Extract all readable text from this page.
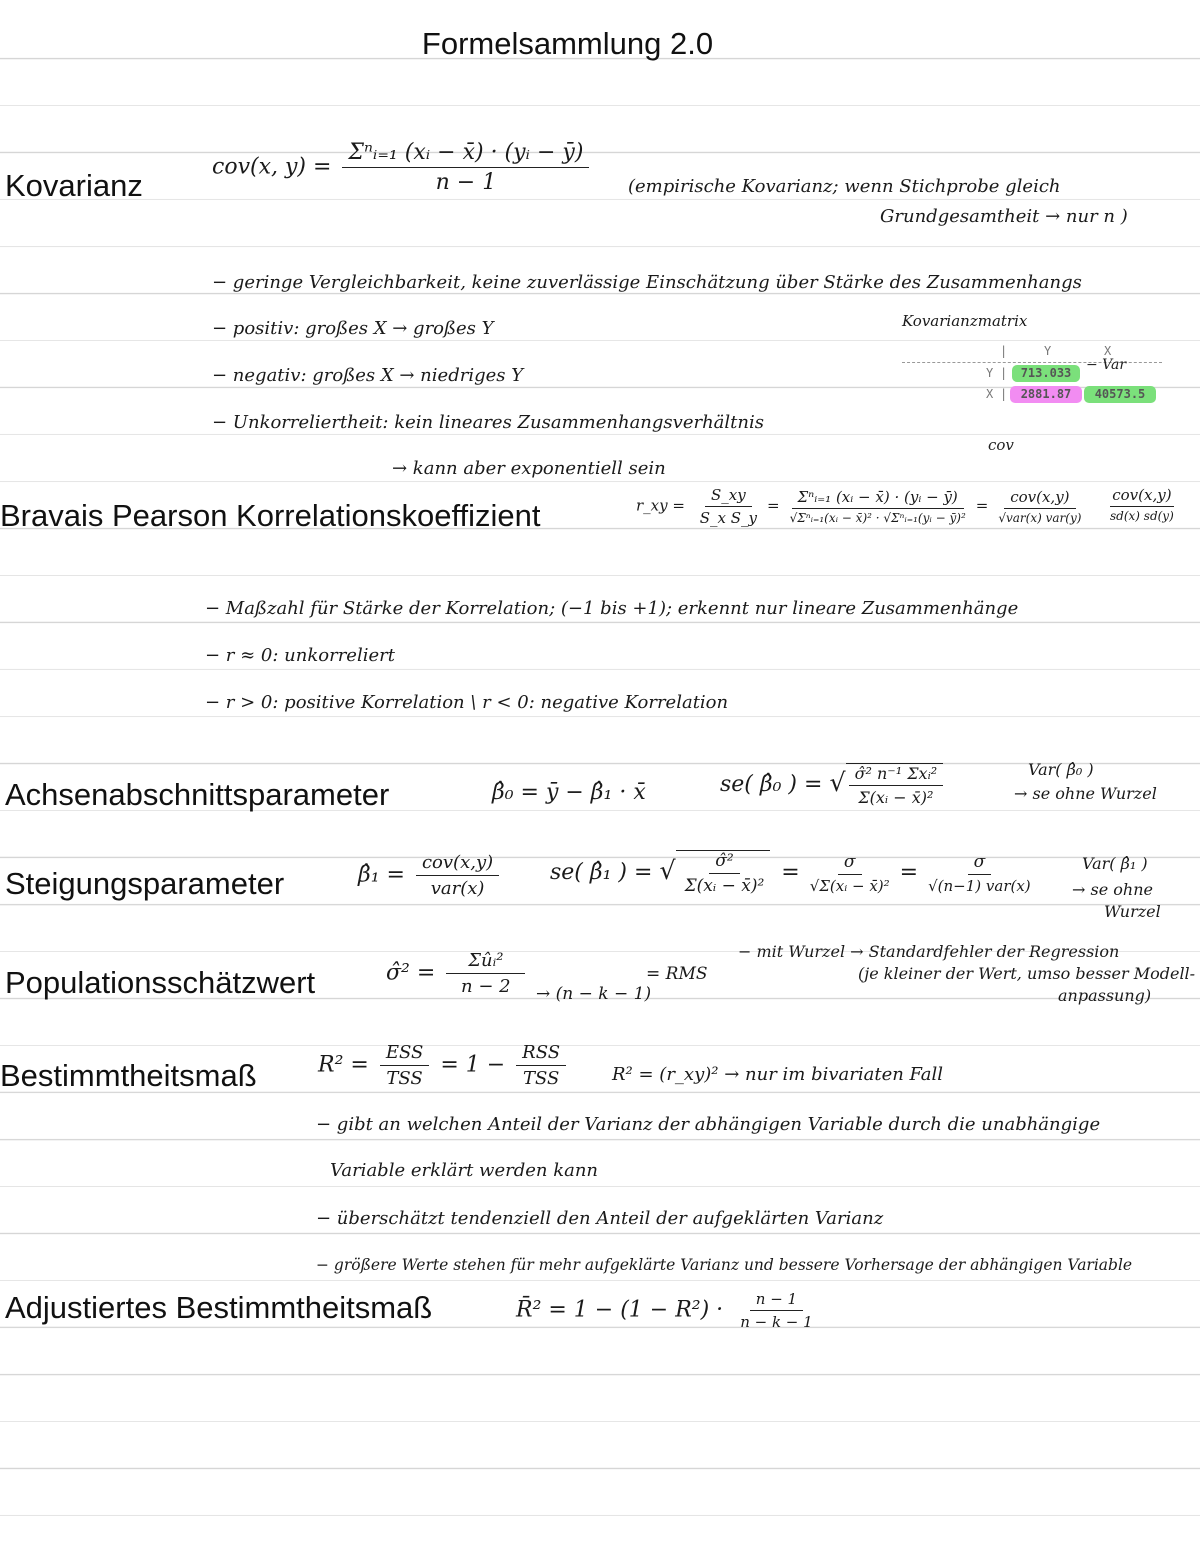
Formelsammlung 2.0
Kovarianz
cov(x, $y) = \frac{\text{Σⁿᵢ₌₁ (xᵢ − x̄) · (yᵢ − ȳ)}}{n - 1}$ (empirische Kovarianz; wenn Stichprobe gleich
Grundgesamtheit → nur n )
− geringe Vergleichbarkeit, keine zuverlässige Einschätzung über Stärke des Zusammenhangs
− positiv: großes X → großes Y
− negativ: großes X → niedriges Y
− Unkorreliertheit: kein lineares Zusammenhangsverhältnis
→ kann aber exponentiell sein
Kovarianzmatrix
|	Y	X
Y |	713.033	− Var
X |	2881.87	40573.5
cov
Bravais Pearson Korrelationskoeffizient	r_xy = $\frac{S\_xy}{\text{S\_x S\_y}} = \frac{\text{Σⁿᵢ₌₁ (xᵢ − x̄) · (yᵢ − ȳ)}}{\text{√Σⁿᵢ₌₁(xᵢ − x̄)² · √Σⁿᵢ₌₁(yᵢ − ȳ)²}} = \frac{\text{cov(x,y)}}{\text{√var(x) var(y)}} \frac{\text{cov(x,y)}}{sd(x) sd(y)}$
− Maßzahl für Stärke der Korrelation; (−1 bis +1); erkennt nur lineare Zusammenhänge
− r ≈ 0: unkorreliert
− r > 0: positive Korrelation \ r < 0: negative Korrelation
Achsenabschnittsparameter	β̂₀ = ȳ − β̂₁ · x̄	se( β̂₀ ) = √ $\frac{\text{σ̂² n⁻¹ Σxᵢ²}}{\text{Σ(xᵢ − x̄)²}}$	Var( β̂₀ )
→ se ohne Wurzel
Steigungsparameter	β̂₁ = $\frac{\text{cov(x,y)}}{\text{var(x)}} se$( β̂₁ ) = √ $\frac{\text{σ̂²}}{\text{Σ(xᵢ − x̄)²}} = \frac{\sigma}{\text{√Σ(xᵢ − x̄)²}} = \frac{\sigma}{\text{√(n−1) var(x)}}$	Var( β̂₁ )
→ se ohne
Wurzel
Populationsschätzwert	σ̂² = $\frac{\text{Σûᵢ²}}{n - 2} \to (n - k - 1)$
= RMS
− mit Wurzel → Standardfehler der Regression
(je kleiner der Wert, umso besser Modell-
anpassung)
Bestimmtheitsmaß	$R^2 = \frac{\text{ESS}}{\text{TSS}} = 1 - \frac{\text{RSS}}{\text{TSS}}$	R² = (r_xy)² → nur im bivariaten Fall
− gibt an welchen Anteil der Varianz der abhängigen Variable durch die unabhängige
Variable erklärt werden kann
− überschätzt tendenziell den Anteil der aufgeklärten Varianz
− größere Werte stehen für mehr aufgeklärte Varianz und bessere Vorhersage der abhängigen Variable
Adjustiertes Bestimmtheitsmaß	R̄² = $1 - (1 - R^2) \cdot \frac{n - 1}{n - k - 1}$
